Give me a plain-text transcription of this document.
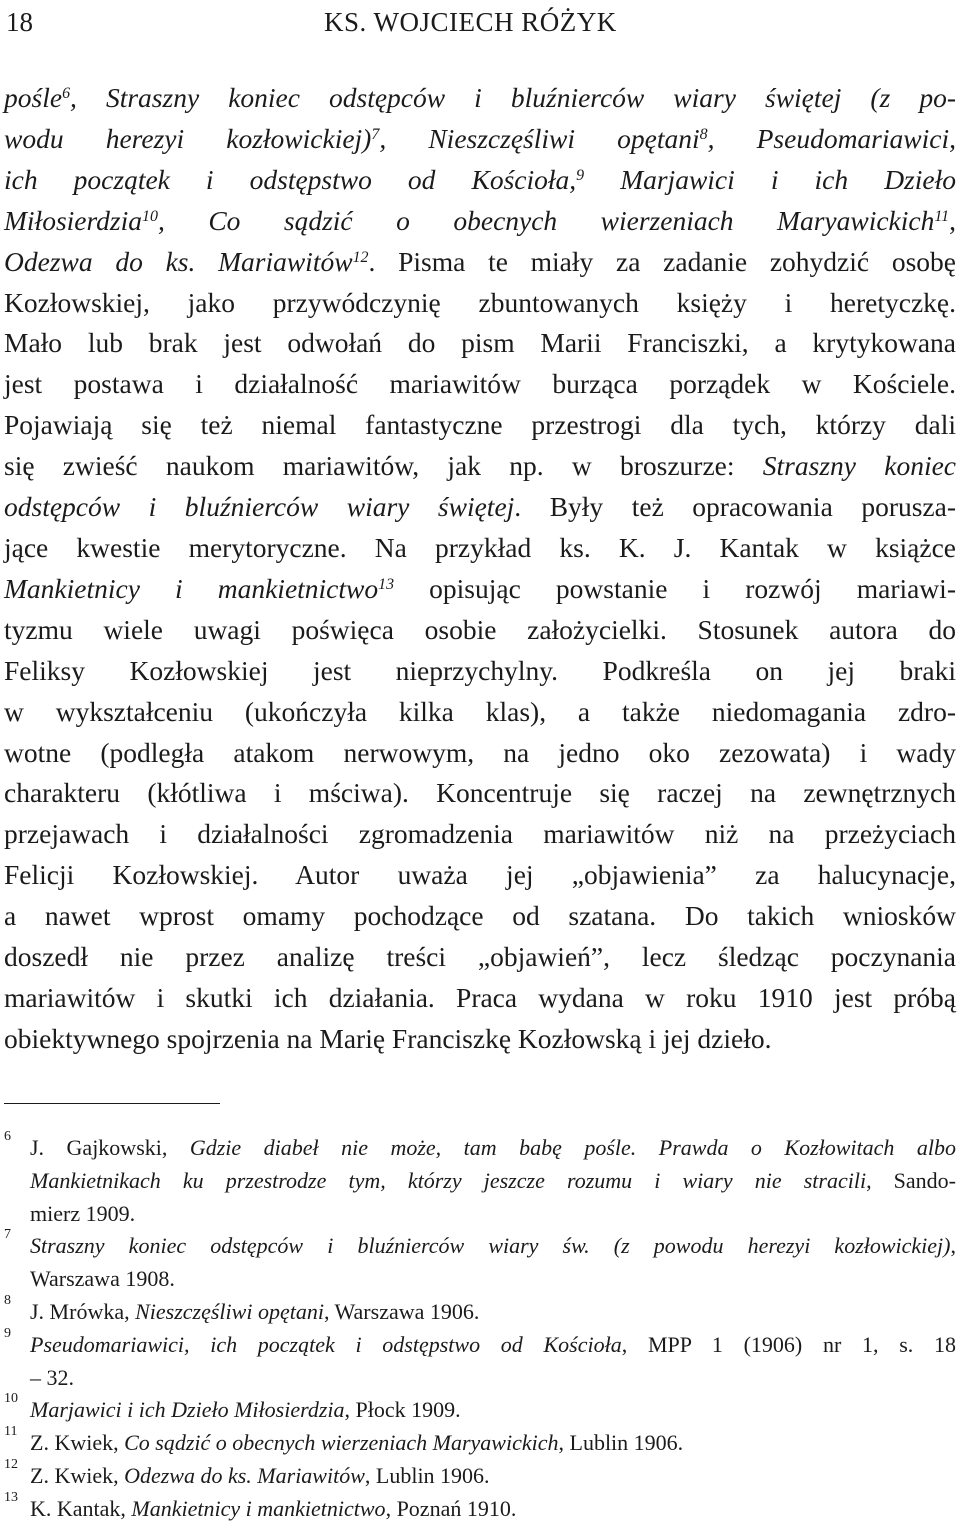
18	KS. WOJCIECH RÓŻYK

pośle$^6$, Straszny koniec odstępców i bluźnierców wiary świętej (z po-

wodu herezyi kozłowickiej)$^7$, Nieszczęśliwi opętani$^8$, Pseudomariawici,

ich początek i odstępstwo od Kościoła,$^9$ Marjawici i ich Dzieło

Miłosierdzia$^{10}$, Co sądzić o obecnych wierzeniach Maryawickich$^{11}$,

Odezwa do ks. Mariawitów$^{12}$. Pisma te miały za zadanie zohydzić osobę

Kozłowskiej, jako przywódczynię zbuntowanych księży i heretyczkę.

Mało lub brak jest odwołań do pism Marii Franciszki, a krytykowana

jest postawa i działalność mariawitów burząca porządek w Kościele.

Pojawiają się też niemal fantastyczne przestrogi dla tych, którzy dali

się zwieść naukom mariawitów, jak np. w broszurze: Straszny koniec

odstępców i bluźnierców wiary świętej. Były też opracowania porusza-

jące kwestie merytoryczne. Na przykład ks. K. J. Kantak w książce

Mankietnicy i mankietnictwo$^{13}$ opisując powstanie i rozwój mariawi-

tyzmu wiele uwagi poświęca osobie założycielki. Stosunek autora do

Feliksy Kozłowskiej jest nieprzychylny. Podkreśla on jej braki

w wykształceniu (ukończyła kilka klas), a także niedomagania zdro-

wotne (podległa atakom nerwowym, na jedno oko zezowata) i wady

charakteru (kłótliwa i mściwa). Koncentruje się raczej na zewnętrznych

przejawach i działalności zgromadzenia mariawitów niż na przeżyciach

Felicji Kozłowskiej. Autor uważa jej „objawienia” za halucynacje,

a nawet wprost omamy pochodzące od szatana. Do takich wniosków

doszedł nie przez analizę treści „objawień”, lecz śledząc poczynania

mariawitów i skutki ich działania. Praca wydana w roku 1910 jest próbą

obiektywnego spojrzenia na Marię Franciszkę Kozłowską i jej dzieło.

6 J. Gajkowski, Gdzie diabeł nie może, tam babę pośle. Prawda o Kozłowitach albo
Mankietnikach ku przestrodze tym, którzy jeszcze rozumu i wiary nie stracili, Sando-
mierz 1909.
7 Straszny koniec odstępców i bluźnierców wiary św. (z powodu herezyi kozłowickiej),
Warszawa 1908.
8 J. Mrówka, Nieszczęśliwi opętani, Warszawa 1906.
9 Pseudomariawici, ich początek i odstępstwo od Kościoła, MPP 1 (1906) nr 1, s. 18
– 32.
10 Marjawici i ich Dzieło Miłosierdzia, Płock 1909.
11 Z. Kwiek, Co sądzić o obecnych wierzeniach Maryawickich, Lublin 1906.
12 Z. Kwiek, Odezwa do ks. Mariawitów, Lublin 1906.
13 K. Kantak, Mankietnicy i mankietnictwo, Poznań 1910.
